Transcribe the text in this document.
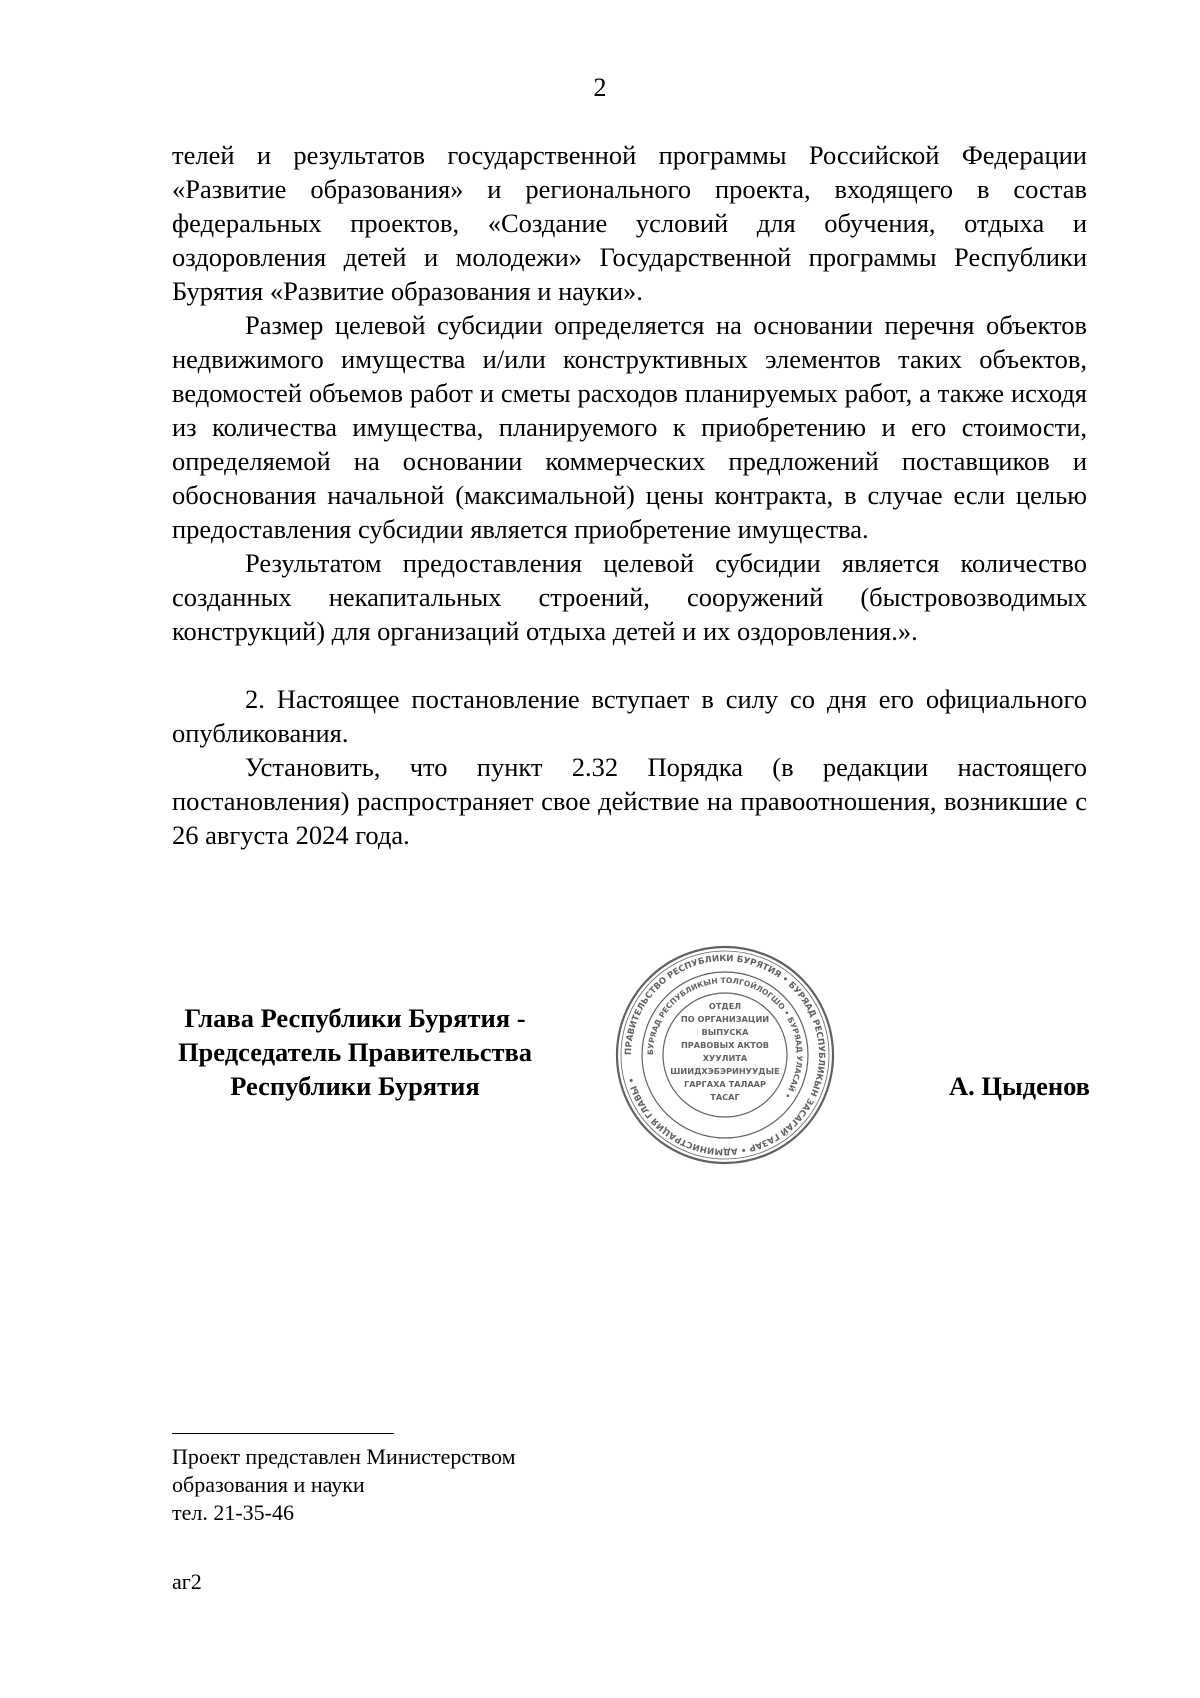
2

телей и результатов государственной программы Российской Федерации «Развитие образования» и регионального проекта, входящего в состав федеральных проектов, «Создание условий для обучения, отдыха и оздоровления детей и молодежи» Государственной программы Республики Бурятия «Развитие образования и науки».

Размер целевой субсидии определяется на основании перечня объектов недвижимого имущества и/или конструктивных элементов таких объектов, ведомостей объемов работ и сметы расходов планируемых работ, а также исходя из количества имущества, планируемого к приобретению и его стоимости, определяемой на основании коммерческих предложений поставщиков и обоснования начальной (максимальной) цены контракта, в случае если целью предоставления субсидии является приобретение имущества.

Результатом предоставления целевой субсидии является количество созданных некапитальных строений, сооружений (быстровозводимых конструкций) для организаций отдыха детей и их оздоровления.».

2. Настоящее постановление вступает в силу со дня его официального опубликования.

Установить, что пункт 2.32 Порядка (в редакции настоящего постановления) распространяет свое действие на правоотношения, возникшие с 26 августа 2024 года.

Глава Республики Бурятия -
Председатель Правительства
Республики Бурятия
ПРАВИТЕЛЬСТВО РЕСПУБЛИКИ БУРЯТИЯ • БУРЯАД РЕСПУБЛИКЫН ЗАСАГАЙ ГАЗАР • АДМИНИСТРАЦИЯ ГЛАВЫ •
БУРЯАД РЕСПУБЛИКЫН ТОЛГОЙЛОГШО • БУРЯАД УЛАСАЙ •
ОТДЕЛ
ПО ОРГАНИЗАЦИИ
ВЫПУСКА
ПРАВОВЫХ АКТОВ
ХУУЛИТА
ШИИДХЭБЭРИНУУДЫЕ
ГАРГАХА ТАЛААР
ТАСАГ	А. Цыденов
Проект представлен Министерством
образования и науки
тел. 21-35-46
аг2
